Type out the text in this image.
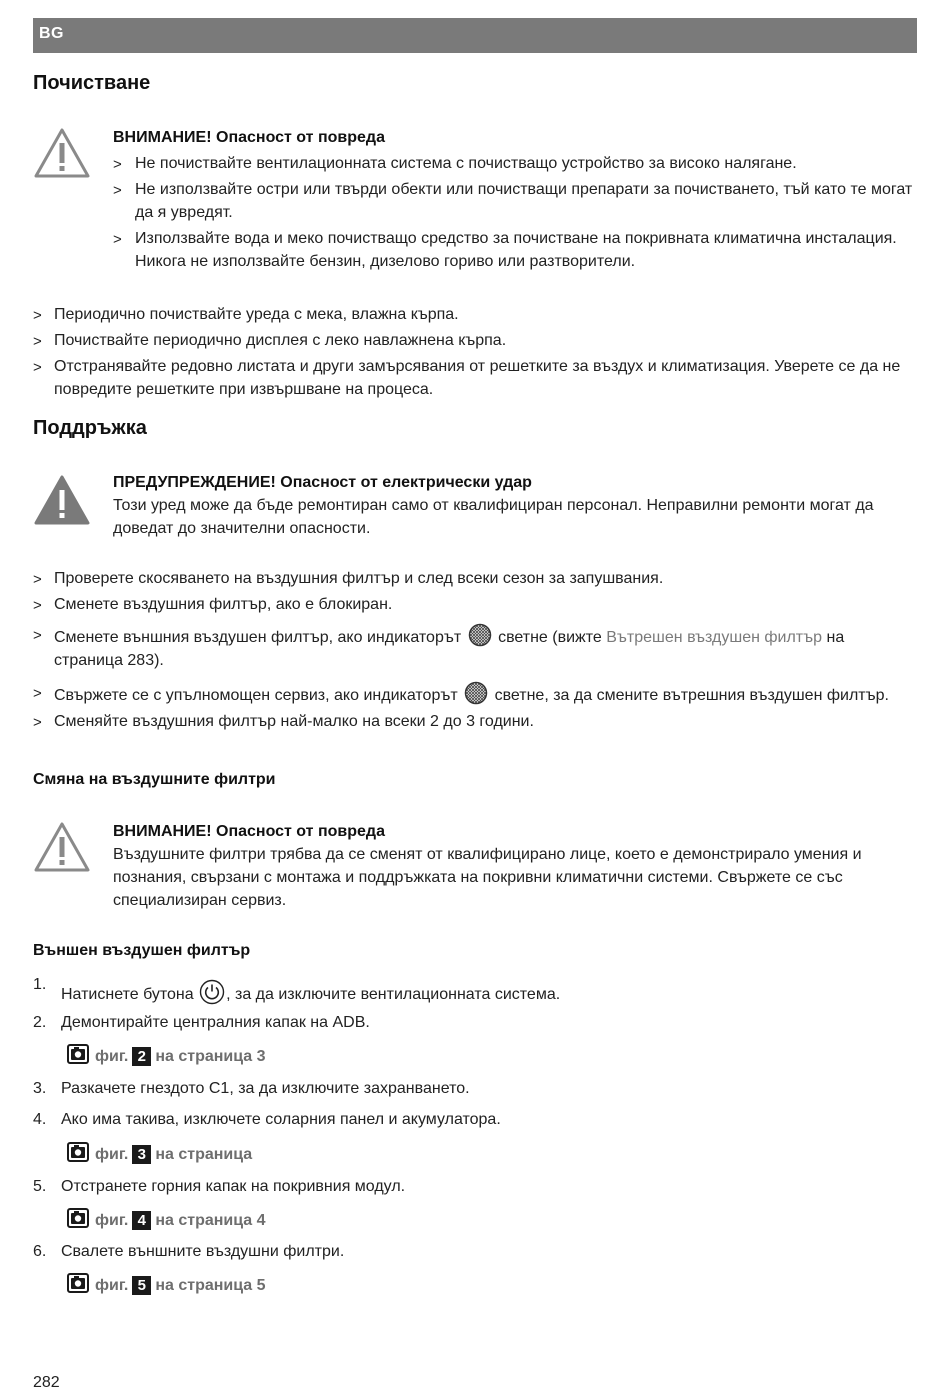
BG
Почистване
ВНИМАНИЕ! Опасност от повреда
> Не почиствайте вентилационната система с почистващо устройство за високо налягане.
> Не използвайте остри или твърди обекти или почистващи препарати за почистването, тъй като те могат да я увредят.
> Използвайте вода и меко почистващо средство за почистване на покривната климатична инсталация. Никога не използвайте бензин, дизелово гориво или разтворители.
> Периодично почиствайте уреда с мека, влажна кърпа.
> Почиствайте периодично дисплея с леко навлажнена кърпа.
> Отстранявайте редовно листата и други замърсявания от решетките за въздух и климатизация. Уверете се да не повредите решетките при извършване на процеса.
Поддръжка
ПРЕДУПРЕЖДЕНИЕ! Опасност от електрически удар
Този уред може да бъде ремонтиран само от квалифициран персонал. Неправилни ремонти могат да доведат до значителни опасности.
> Проверете скосяването на въздушния филтър и след всеки сезон за запушвания.
> Сменете въздушния филтър, ако е блокиран.
> Сменете външния въздушен филтър, ако индикаторът светне (вижте Вътрешен въздушен филтър на страница 283).
> Свържете се с упълномощен сервиз, ако индикаторът светне, за да смените вътрешния въздушен филтър.
> Сменяйте въздушния филтър най-малко на всеки 2 до 3 години.
Смяна на въздушните филтри
ВНИМАНИЕ! Опасност от повреда
Въздушните филтри трябва да се сменят от квалифицирано лице, което е демонстрирало умения и познания, свързани с монтажа и поддръжката на покривни климатични системи. Свържете се със специализиран сервиз.
Външен въздушен филтър
1.
Натиснете бутона , за да изключите вентилационната система.
2. Демонтирайте централния капак на ADB.
фиг. 2 на страница 3
3. Разкачете гнездото C1, за да изключите захранването.
4. Ако има такива, изключете соларния панел и акумулатора.
фиг. 3 на страница
5. Отстранете горния капак на покривния модул.
фиг. 4 на страница 4
6. Свалете външните въздушни филтри.
фиг. 5 на страница 5
282
